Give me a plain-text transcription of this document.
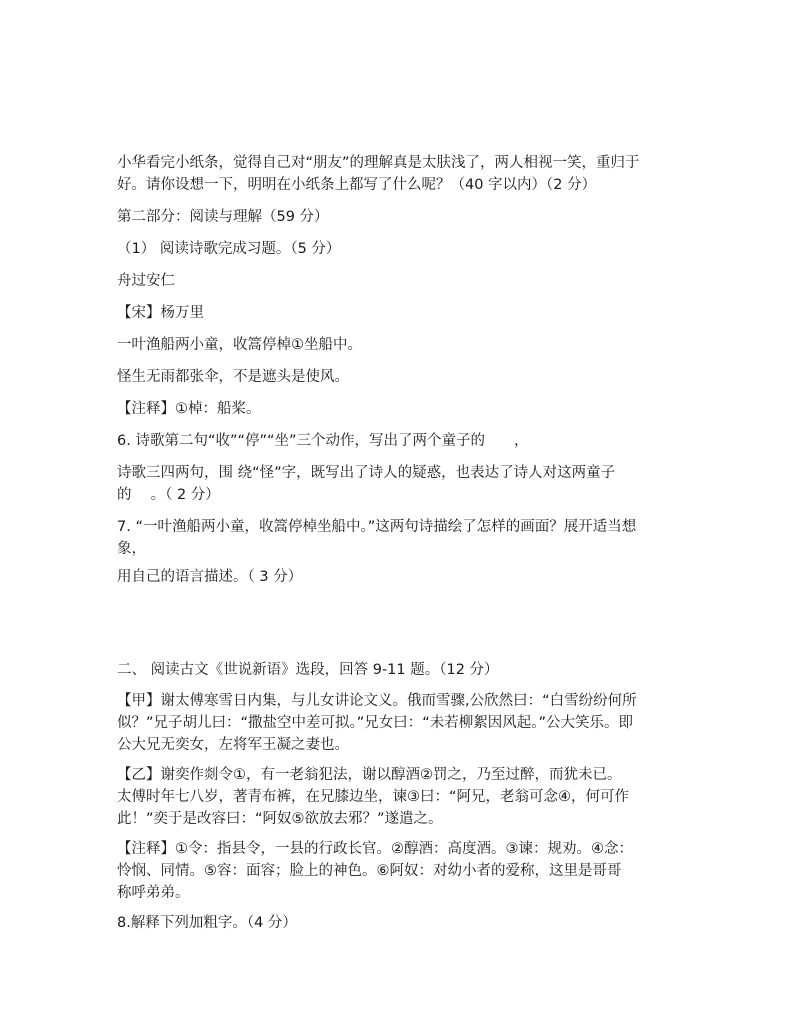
小华看完小纸条，觉得自己对“朋友”的理解真是太肤浅了，两人相视一笑，重归于
好。请你设想一下，明明在小纸条上都写了什么呢？（40 字以内）（2 分）
第二部分：阅读与理解（59 分）
（1） 阅读诗歌完成习题。（5 分）
舟过安仁
【宋】杨万里
一叶渔船两小童，收篙停棹①坐船中。
怪生无雨都张伞，不是遮头是使风。
【注释】①棹：船桨。
6. 诗歌第二句“收”“停”“坐”三个动作，写出了两个童子的　　，
诗歌三四两句，围 绕“怪”字，既写出了诗人的疑惑，也表达了诗人对这两童子
的　 。（ 2 分）
7. “一叶渔船两小童，收篙停棹坐船中。”这两句诗描绘了怎样的画面？展开适当想
象，
用自己的语言描述。（ 3 分）
二、 阅读古文《世说新语》选段，回答 9-11 题。（12 分）
【甲】谢太傅寒雪日内集，与儿女讲论文义。俄而雪骤,公欣然曰：“白雪纷纷何所
似？”兄子胡儿曰：“撒盐空中差可拟。”兄女曰：“未若柳絮因风起。”公大笑乐。即
公大兄无奕女，左将军王凝之妻也。
【乙】谢奕作剡令①，有一老翁犯法，谢以醇酒②罚之，乃至过醉，而犹未已。
太傅时年七八岁，著青布裤，在兄膝边坐，谏③曰：“阿兄，老翁可念④，何可作
此！”奕于是改容曰：“阿奴⑤欲放去邪？”遂遣之。
【注释】①令：指县令，一县的行政长官。②醇酒：高度酒。③谏：规劝。④念：
怜悯、同情。⑤容：面容；脸上的神色。⑥阿奴：对幼小者的爱称，这里是哥哥
称呼弟弟。
8.解释下列加粗字。（4 分）
